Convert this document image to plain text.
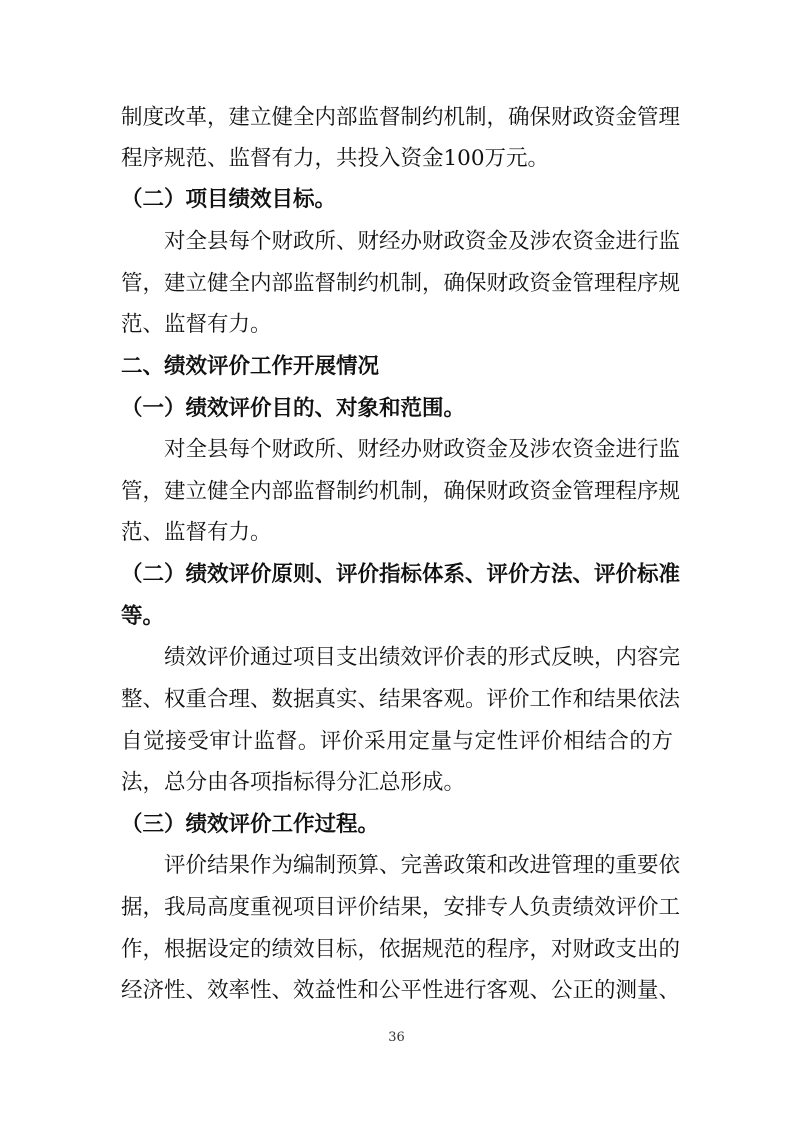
制度改革，建立健全内部监督制约机制，确保财政资金管理

程序规范、监督有力，共投入资金100万元。

（二）项目绩效目标。

对全县每个财政所、财经办财政资金及涉农资金进行监

管，建立健全内部监督制约机制，确保财政资金管理程序规

范、监督有力。

二、绩效评价工作开展情况

（一）绩效评价目的、对象和范围。

对全县每个财政所、财经办财政资金及涉农资金进行监

管，建立健全内部监督制约机制，确保财政资金管理程序规

范、监督有力。

（二）绩效评价原则、评价指标体系、评价方法、评价标准

等。

绩效评价通过项目支出绩效评价表的形式反映，内容完

整、权重合理、数据真实、结果客观。评价工作和结果依法

自觉接受审计监督。评价采用定量与定性评价相结合的方

法，总分由各项指标得分汇总形成。

（三）绩效评价工作过程。

评价结果作为编制预算、完善政策和改进管理的重要依

据，我局高度重视项目评价结果，安排专人负责绩效评价工

作，根据设定的绩效目标，依据规范的程序，对财政支出的

经济性、效率性、效益性和公平性进行客观、公正的测量、

36
